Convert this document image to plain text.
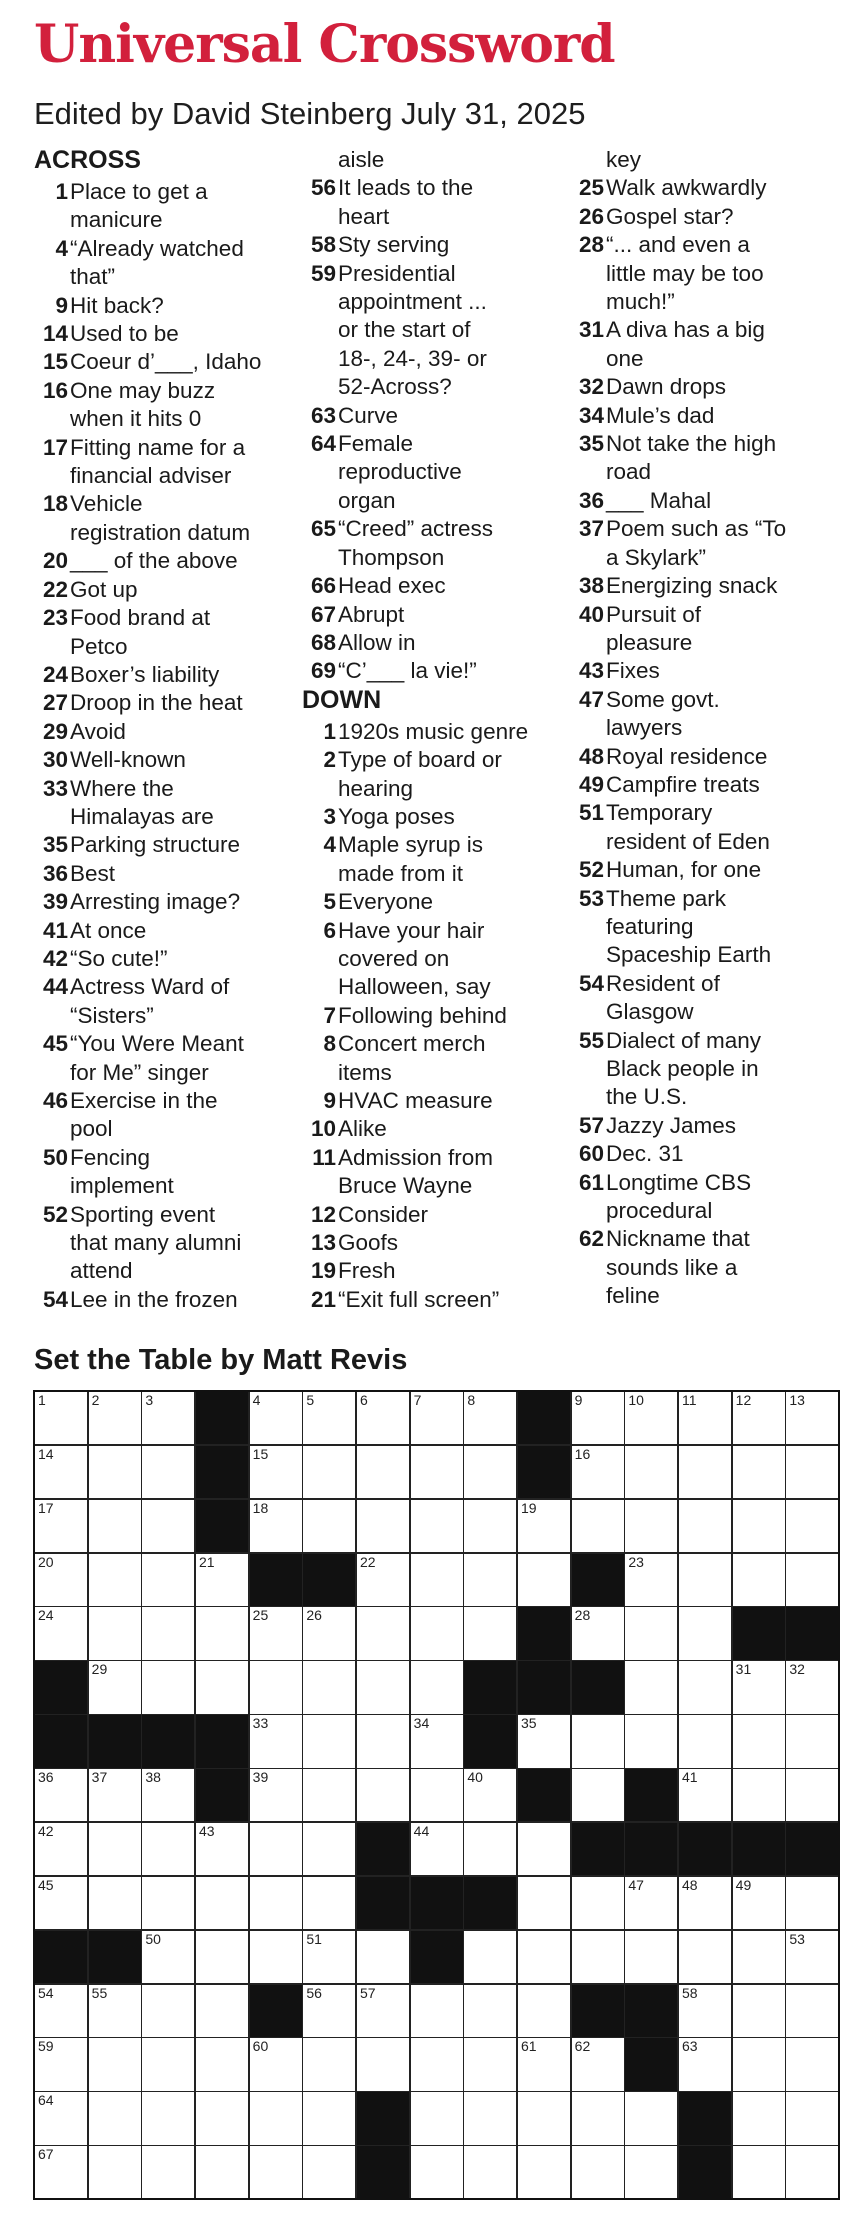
Universal Crossword
Edited by David Steinberg July 31, 2025
ACROSS
1 Place to get a
manicure
4 “Already watched
that”
9 Hit back?
14 Used to be
15 Coeur d’___, Idaho
16 One may buzz
when it hits 0
17 Fitting name for a
financial adviser
18 Vehicle
registration datum
20 ___ of the above
22 Got up
23 Food brand at
Petco
24 Boxer’s liability
27 Droop in the heat
29 Avoid
30 Well-known
33 Where the
Himalayas are
35 Parking structure
36 Best
39 Arresting image?
41 At once
42 “So cute!”
44 Actress Ward of
“Sisters”
45 “You Were Meant
for Me” singer
46 Exercise in the
pool
50 Fencing
implement
52 Sporting event
that many alumni
attend
54 Lee in the frozen
aisle
56 It leads to the
heart
58 Sty serving
59 Presidential
appointment ...
or the start of
18-, 24-, 39- or
52-Across?
63 Curve
64 Female
reproductive
organ
65 “Creed” actress
Thompson
66 Head exec
67 Abrupt
68 Allow in
69 “C’___ la vie!”
DOWN
1 1920s music genre
2 Type of board or
hearing
3 Yoga poses
4 Maple syrup is
made from it
5 Everyone
6 Have your hair
covered on
Halloween, say
7 Following behind
8 Concert merch
items
9 HVAC measure
10 Alike
11 Admission from
Bruce Wayne
12 Consider
13 Goofs
19 Fresh
21 “Exit full screen”
key
25 Walk awkwardly
26 Gospel star?
28 “... and even a
little may be too
much!”
31 A diva has a big
one
32 Dawn drops
34 Mule’s dad
35 Not take the high
road
36 ___ Mahal
37 Poem such as “To
a Skylark”
38 Energizing snack
40 Pursuit of
pleasure
43 Fixes
47 Some govt.
lawyers
48 Royal residence
49 Campfire treats
51 Temporary
resident of Eden
52 Human, for one
53 Theme park
featuring
Spaceship Earth
54 Resident of
Glasgow
55 Dialect of many
Black people in
the U.S.
57 Jazzy James
60 Dec. 31
61 Longtime CBS
procedural
62 Nickname that
sounds like a
feline
Set the Table by Matt Revis
1	2	3	4	5	6	7	8	9	10	11	12	13
14	15	16
17	18	19
20	21	22	23
24	25	26	28
29	31	32
33	34	35
36	37	38	39	40	41
42	43	44
45	47	48	49
50	51	53
54	55	56	57	58
59	60	61	62	63
64
67
